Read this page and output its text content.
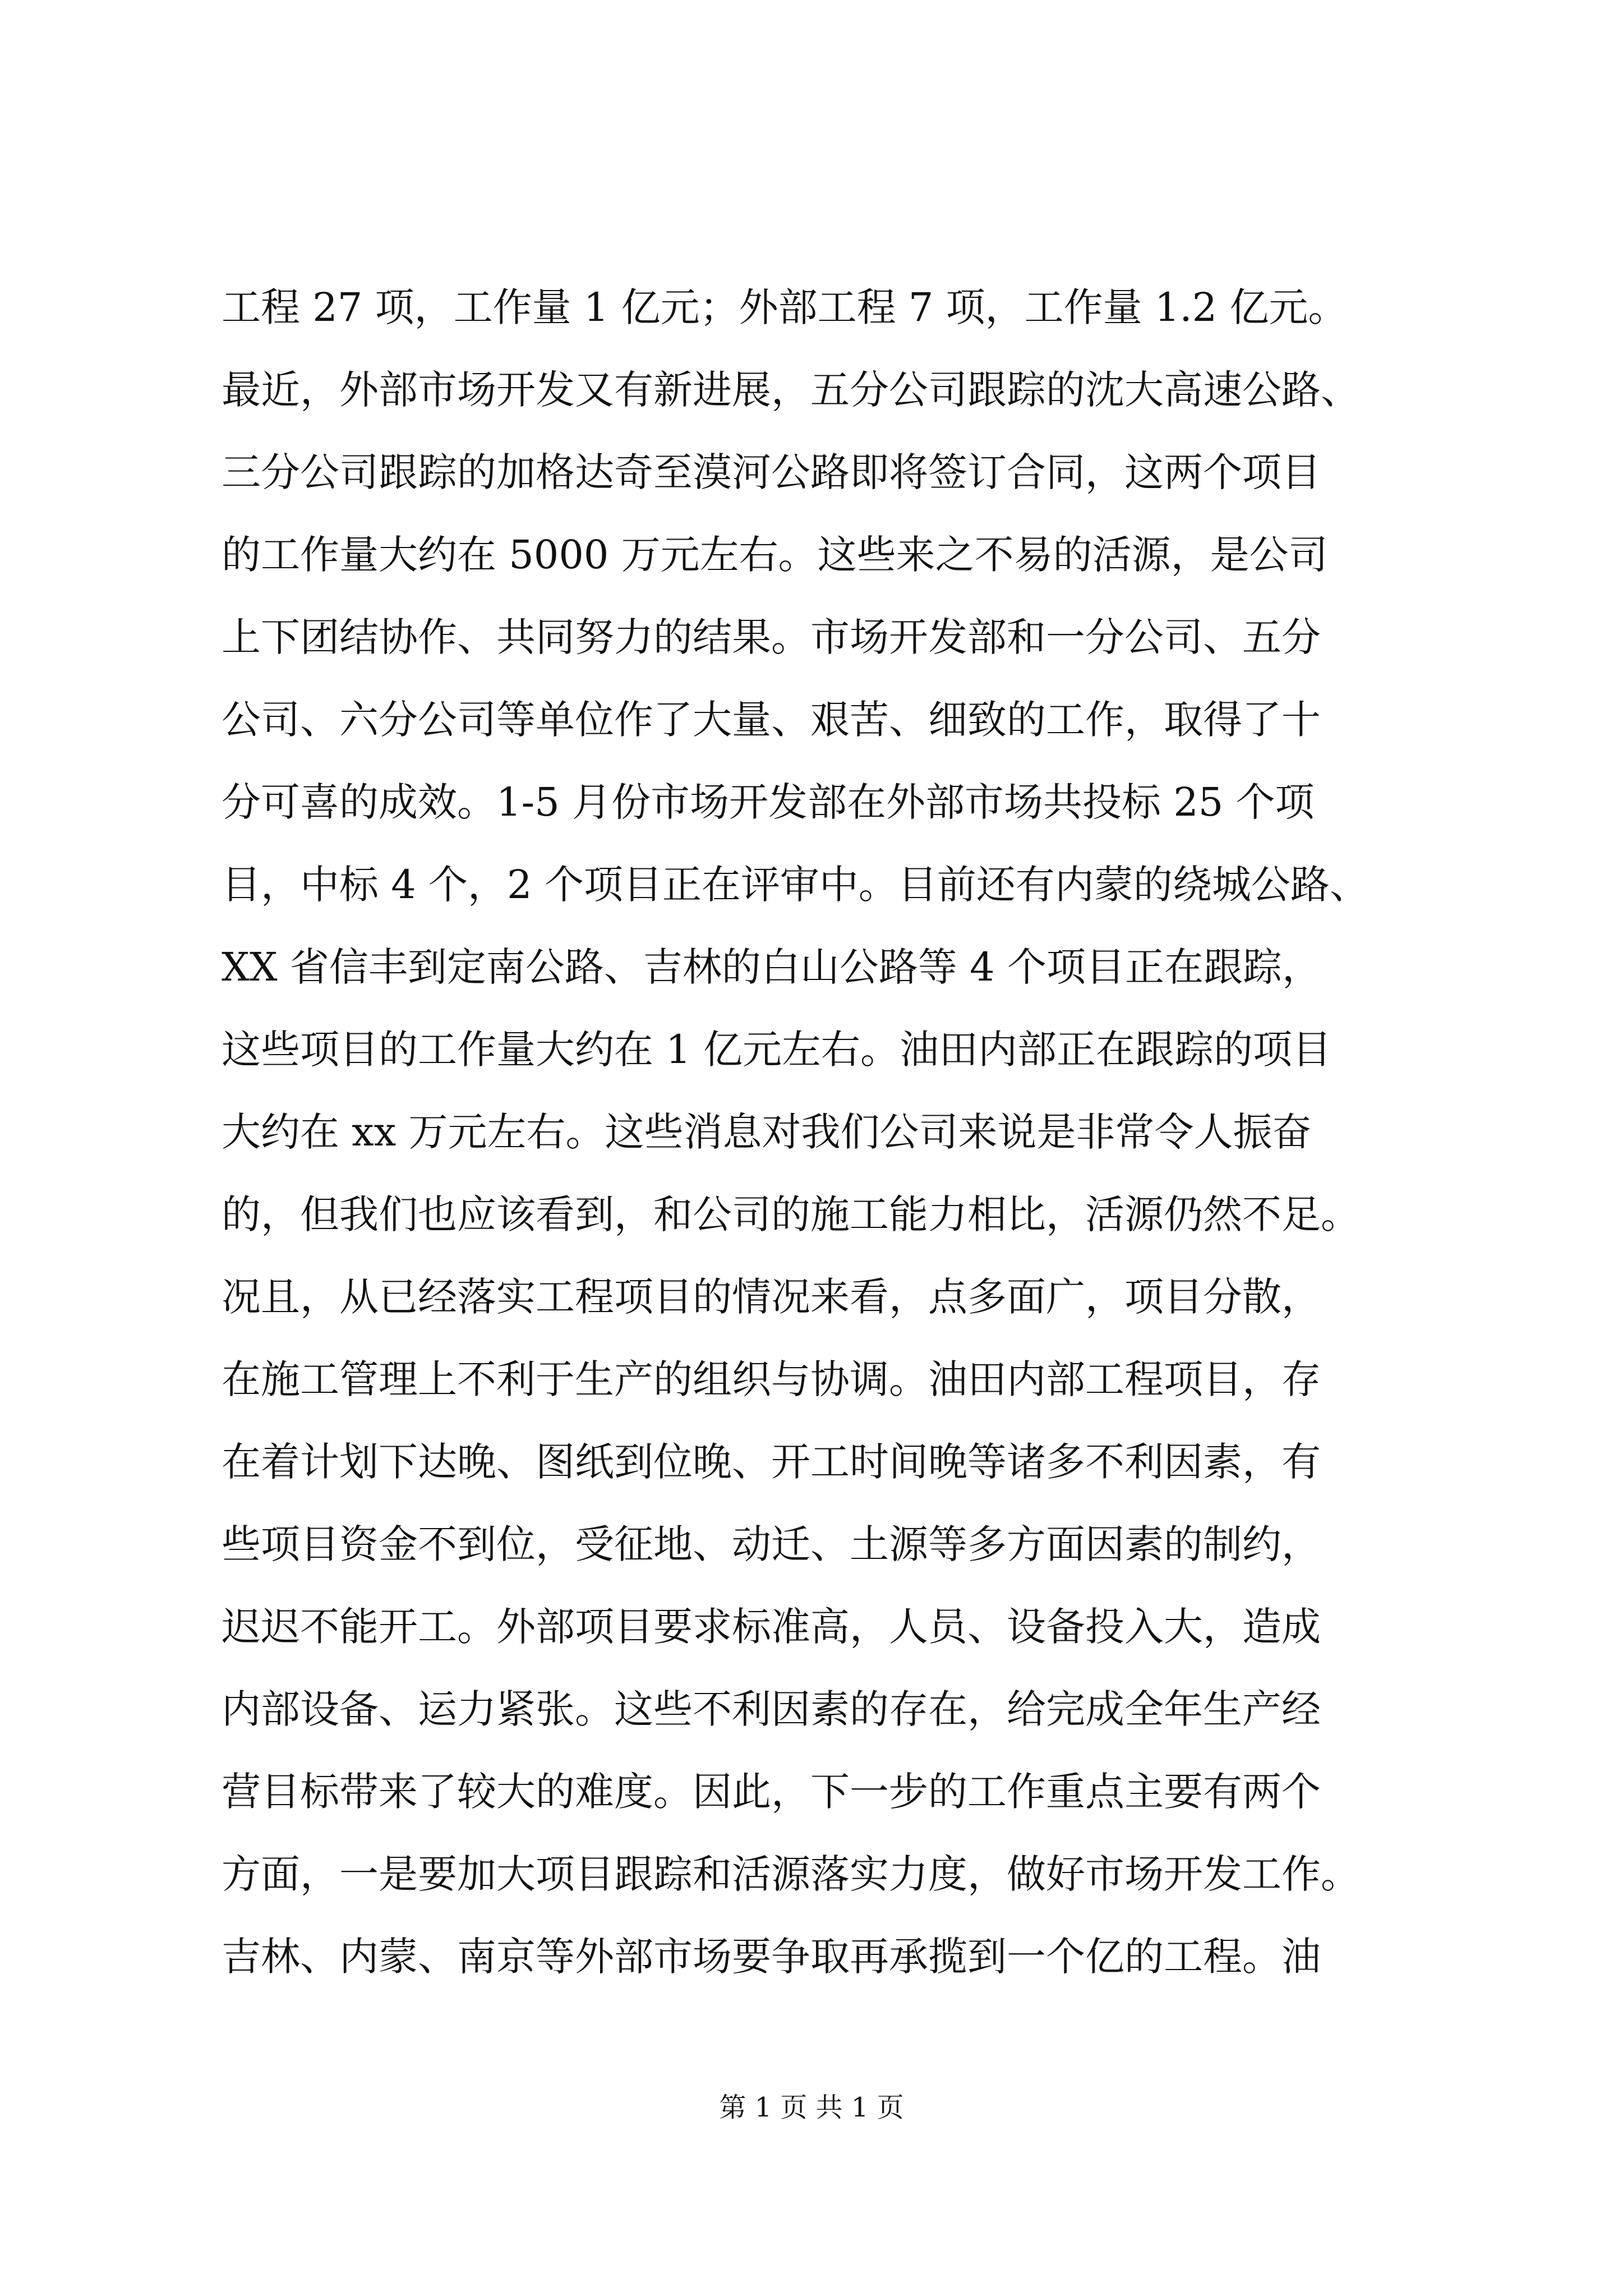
工程 27 项，工作量 1 亿元；外部工程 7 项，工作量 1.2 亿元。
最近，外部市场开发又有新进展，五分公司跟踪的沈大高速公路、
三分公司跟踪的加格达奇至漠河公路即将签订合同，这两个项目
的工作量大约在 5000 万元左右。这些来之不易的活源，是公司
上下团结协作、共同努力的结果。市场开发部和一分公司、五分
公司、六分公司等单位作了大量、艰苦、细致的工作，取得了十
分可喜的成效。1-5 月份市场开发部在外部市场共投标 25 个项
目，中标 4 个，2 个项目正在评审中。目前还有内蒙的绕城公路、
XX 省信丰到定南公路、吉林的白山公路等 4 个项目正在跟踪，
这些项目的工作量大约在 1 亿元左右。油田内部正在跟踪的项目
大约在 xx 万元左右。这些消息对我们公司来说是非常令人振奋
的，但我们也应该看到，和公司的施工能力相比，活源仍然不足。
况且，从已经落实工程项目的情况来看，点多面广，项目分散，
在施工管理上不利于生产的组织与协调。油田内部工程项目，存
在着计划下达晚、图纸到位晚、开工时间晚等诸多不利因素，有
些项目资金不到位，受征地、动迁、土源等多方面因素的制约，
迟迟不能开工。外部项目要求标准高，人员、设备投入大，造成
内部设备、运力紧张。这些不利因素的存在，给完成全年生产经
营目标带来了较大的难度。因此，下一步的工作重点主要有两个
方面，一是要加大项目跟踪和活源落实力度，做好市场开发工作。
吉林、内蒙、南京等外部市场要争取再承揽到一个亿的工程。油
第 1 页 共 1 页
